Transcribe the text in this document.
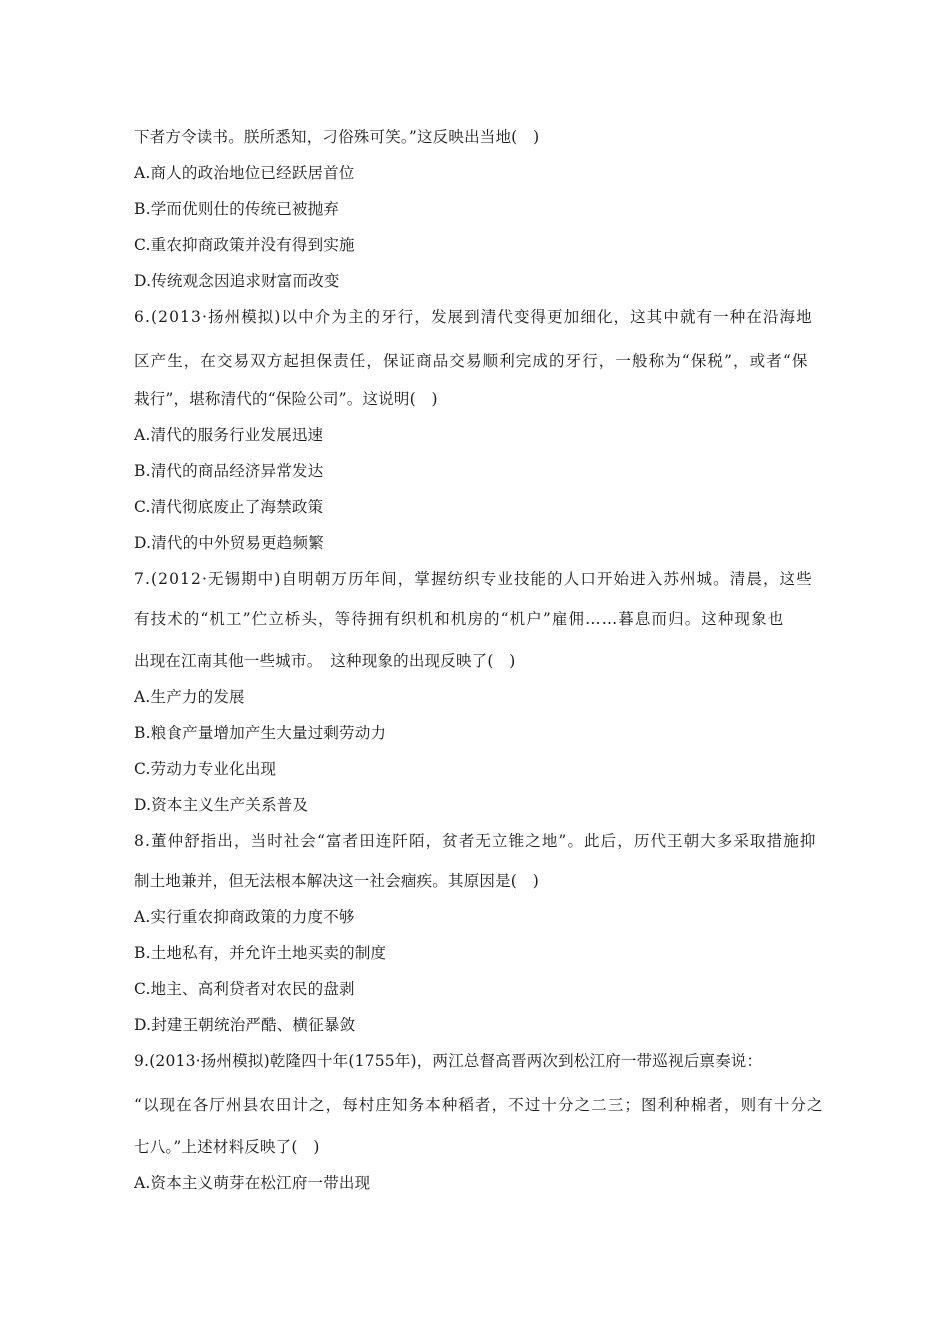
下者方令读书。朕所悉知，刁俗殊可笑。”这反映出当地(　)
A.商人的政治地位已经跃居首位
B.学而优则仕的传统已被抛弃
C.重农抑商政策并没有得到实施
D.传统观念因追求财富而改变
6.(2013·扬州模拟)以中介为主的牙行，发展到清代变得更加细化，这其中就有一种在沿海地
区产生，在交易双方起担保责任，保证商品交易顺利完成的牙行，一般称为“保税”，或者“保
栽行”，堪称清代的“保险公司”。这说明(　)
A.清代的服务行业发展迅速
B.清代的商品经济异常发达
C.清代彻底废止了海禁政策
D.清代的中外贸易更趋频繁
7.(2012·无锡期中)自明朝万历年间，掌握纺织专业技能的人口开始进入苏州城。清晨，这些
有技术的“机工”伫立桥头，等待拥有织机和机房的“机户”雇佣……暮息而归。这种现象也
出现在江南其他一些城市。　这种现象的出现反映了(　)
A.生产力的发展
B.粮食产量增加产生大量过剩劳动力
C.劳动力专业化出现
D.资本主义生产关系普及
8.董仲舒指出，当时社会“富者田连阡陌，贫者无立锥之地”。此后，历代王朝大多采取措施抑
制土地兼并，但无法根本解决这一社会痼疾。其原因是(　)
A.实行重农抑商政策的力度不够
B.土地私有，并允许土地买卖的制度
C.地主、高利贷者对农民的盘剥
D.封建王朝统治严酷、横征暴敛
9.(2013·扬州模拟)乾隆四十年(1755年)，两江总督高晋两次到松江府一带巡视后禀奏说：
“以现在各厅州县农田计之，每村庄知务本种稻者，不过十分之二三；图利种棉者，则有十分之
七八。”上述材料反映了(　)
A.资本主义萌芽在松江府一带出现
